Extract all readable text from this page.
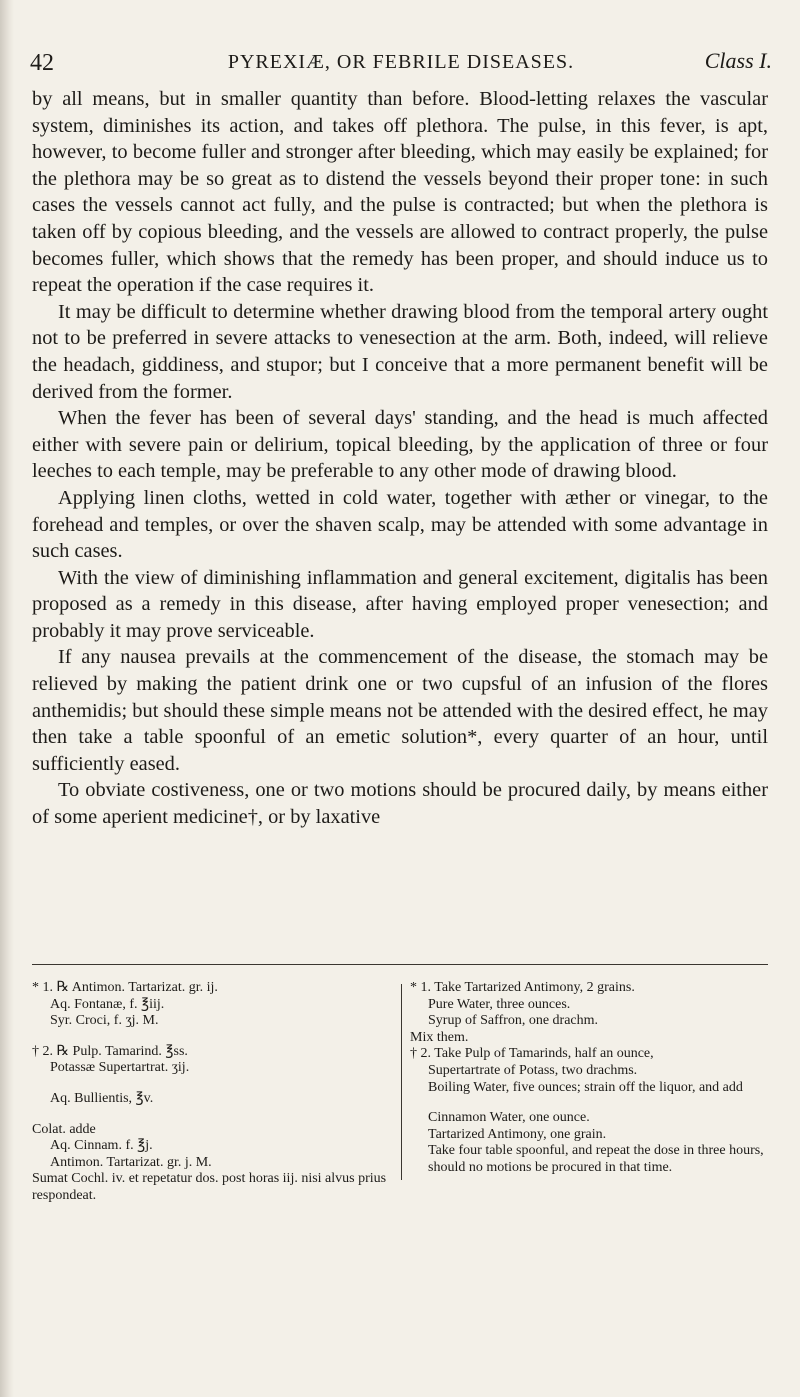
42	PYREXIÆ, OR FEBRILE DISEASES.	Class I.

by all means, but in smaller quantity than before. Blood-letting relaxes the vascular system, diminishes its action, and takes off plethora. The pulse, in this fever, is apt, however, to become fuller and stronger after bleeding, which may easily be explained; for the plethora may be so great as to distend the vessels beyond their proper tone: in such cases the vessels cannot act fully, and the pulse is contracted; but when the plethora is taken off by copious bleeding, and the vessels are allowed to contract properly, the pulse becomes fuller, which shows that the remedy has been proper, and should induce us to repeat the operation if the case requires it.

It may be difficult to determine whether drawing blood from the temporal artery ought not to be preferred in severe attacks to venesection at the arm. Both, indeed, will relieve the headach, giddiness, and stupor; but I conceive that a more permanent benefit will be derived from the former.

When the fever has been of several days' standing, and the head is much affected either with severe pain or delirium, topical bleeding, by the application of three or four leeches to each temple, may be preferable to any other mode of drawing blood.

Applying linen cloths, wetted in cold water, together with æther or vinegar, to the forehead and temples, or over the shaven scalp, may be attended with some advantage in such cases.

With the view of diminishing inflammation and general excitement, digitalis has been proposed as a remedy in this disease, after having employed proper venesection; and probably it may prove serviceable.

If any nausea prevails at the commencement of the disease, the stomach may be relieved by making the patient drink one or two cupsful of an infusion of the flores anthemidis; but should these simple means not be attended with the desired effect, he may then take a table spoonful of an emetic solution*, every quarter of an hour, until sufficiently eased.

To obviate costiveness, one or two motions should be procured daily, by means either of some aperient medicine†, or by laxative

* 1. ℞ Antimon. Tartarizat. gr. ij.
Aq. Fontanæ, f. ℥iij.
Syr. Croci, f. ʒj. M.
† 2. ℞ Pulp. Tamarind. ℥ss.
Potassæ Supertartrat. ʒij.
Aq. Bullientis, ℥v.
Colat. adde
Aq. Cinnam. f. ℥j.
Antimon. Tartarizat. gr. j. M.
Sumat Cochl. iv. et repetatur dos. post horas iij. nisi alvus prius respondeat.
* 1. Take Tartarized Antimony, 2 grains.
Pure Water, three ounces.
Syrup of Saffron, one drachm.
Mix them.
† 2. Take Pulp of Tamarinds, half an ounce,
Supertartrate of Potass, two drachms.
Boiling Water, five ounces; strain off the liquor, and add
Cinnamon Water, one ounce.
Tartarized Antimony, one grain.
Take four table spoonful, and repeat the dose in three hours, should no motions be procured in that time.
